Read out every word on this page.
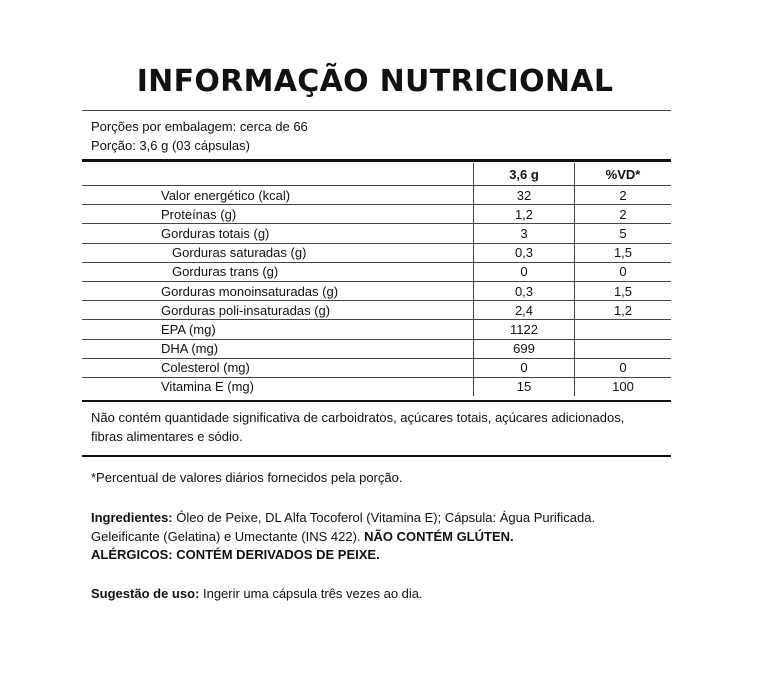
INFORMAÇÃO NUTRICIONAL
Porções por embalagem: cerca de 66
Porção: 3,6 g (03 cápsulas)
	3,6 g	%VD*
Valor energético (kcal)	32	2
Proteínas (g)	1,2	2
Gorduras totais (g)	3	5
Gorduras saturadas (g)	0,3	1,5
Gorduras trans (g)	0	0
Gorduras monoinsaturadas (g)	0,3	1,5
Gorduras poli-insaturadas (g)	2,4	1,2
EPA (mg)	1122	
DHA (mg)	699	
Colesterol (mg)	0	0
Vitamina E (mg)	15	100
Não contém quantidade significativa de carboidratos, açúcares totais, açúcares adicionados,
fibras alimentares e sódio.
*Percentual de valores diários fornecidos pela porção.
Ingredientes: Óleo de Peixe, DL Alfa Tocoferol (Vitamina E); Cápsula: Água Purificada.
Geleificante (Gelatina) e Umectante (INS 422). NÃO CONTÉM GLÚTEN.
ALÉRGICOS: CONTÉM DERIVADOS DE PEIXE.
Sugestão de uso: Ingerir uma cápsula três vezes ao dia.
